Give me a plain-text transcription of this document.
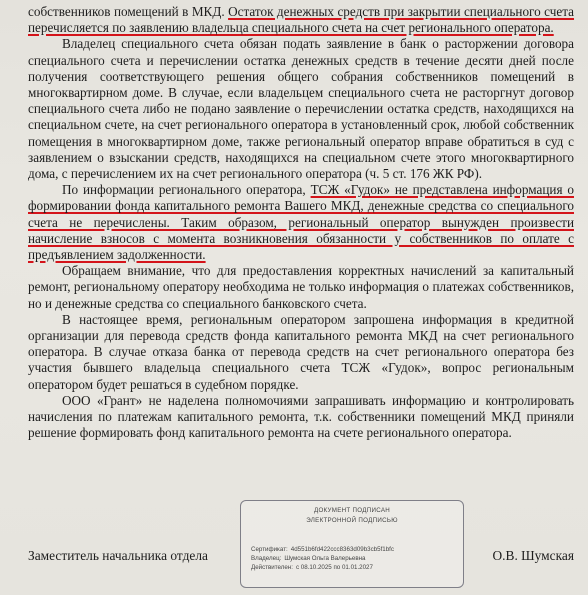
собственников помещений в МКД. Остаток денежных средств при закрытии специального счета перечисляется по заявлению владельца специального счета на счет регионального оператора.

Владелец специального счета обязан подать заявление в банк о расторжении договора специального счета и перечислении остатка денежных средств в течение десяти дней после получения соответствующего решения общего собрания собственников помещений в многоквартирном доме. В случае, если владельцем специального счета не расторгнут договор специального счета либо не подано заявление о перечислении остатка средств, находящихся на специальном счете, на счет регионального оператора в установленный срок, любой собственник помещения в многоквартирном доме, также региональный оператор вправе обратиться в суд с заявлением о взыскании средств, находящихся на специальном счете этого многоквартирного дома, с перечислением их на счет регионального оператора (ч. 5 ст. 176 ЖК РФ).

По информации регионального оператора, ТСЖ «Гудок» не представлена информация о формировании фонда капитального ремонта Вашего МКД, денежные средства со специального счета не перечислены. Таким образом, региональный оператор вынужден произвести начисление взносов с момента возникновения обязанности у собственников по оплате с предъявлением задолженности.

Обращаем внимание, что для предоставления корректных начислений за капитальный ремонт, региональному оператору необходима не только информация о платежах собственников, но и денежные средства со специального банковского счета.

В настоящее время, региональным оператором запрошена информация в кредитной организации для перевода средств фонда капитального ремонта МКД на счет регионального оператора. В случае отказа банка от перевода средств на счет регионального оператора без участия бывшего владельца специального счета ТСЖ «Гудок», вопрос региональным оператором будет решаться в судебном порядке.

ООО «Грант» не наделена полномочиями запрашивать информацию и контролировать начисления по платежам капитального ремонта, т.к. собственники помещений МКД приняли решение формировать фонд капитального ремонта на счете регионального оператора.

ДОКУМЕНТ ПОДПИСАН
ЭЛЕКТРОННОЙ ПОДПИСЬЮ
Сертификат: 4d551b6fd422ccc8363d09b3cb5f1bfc
Владелец: Шумская Ольга Валерьевна
Действителен: с 08.10.2025 по 01.01.2027
Заместитель начальника отдела	О.В. Шумская
